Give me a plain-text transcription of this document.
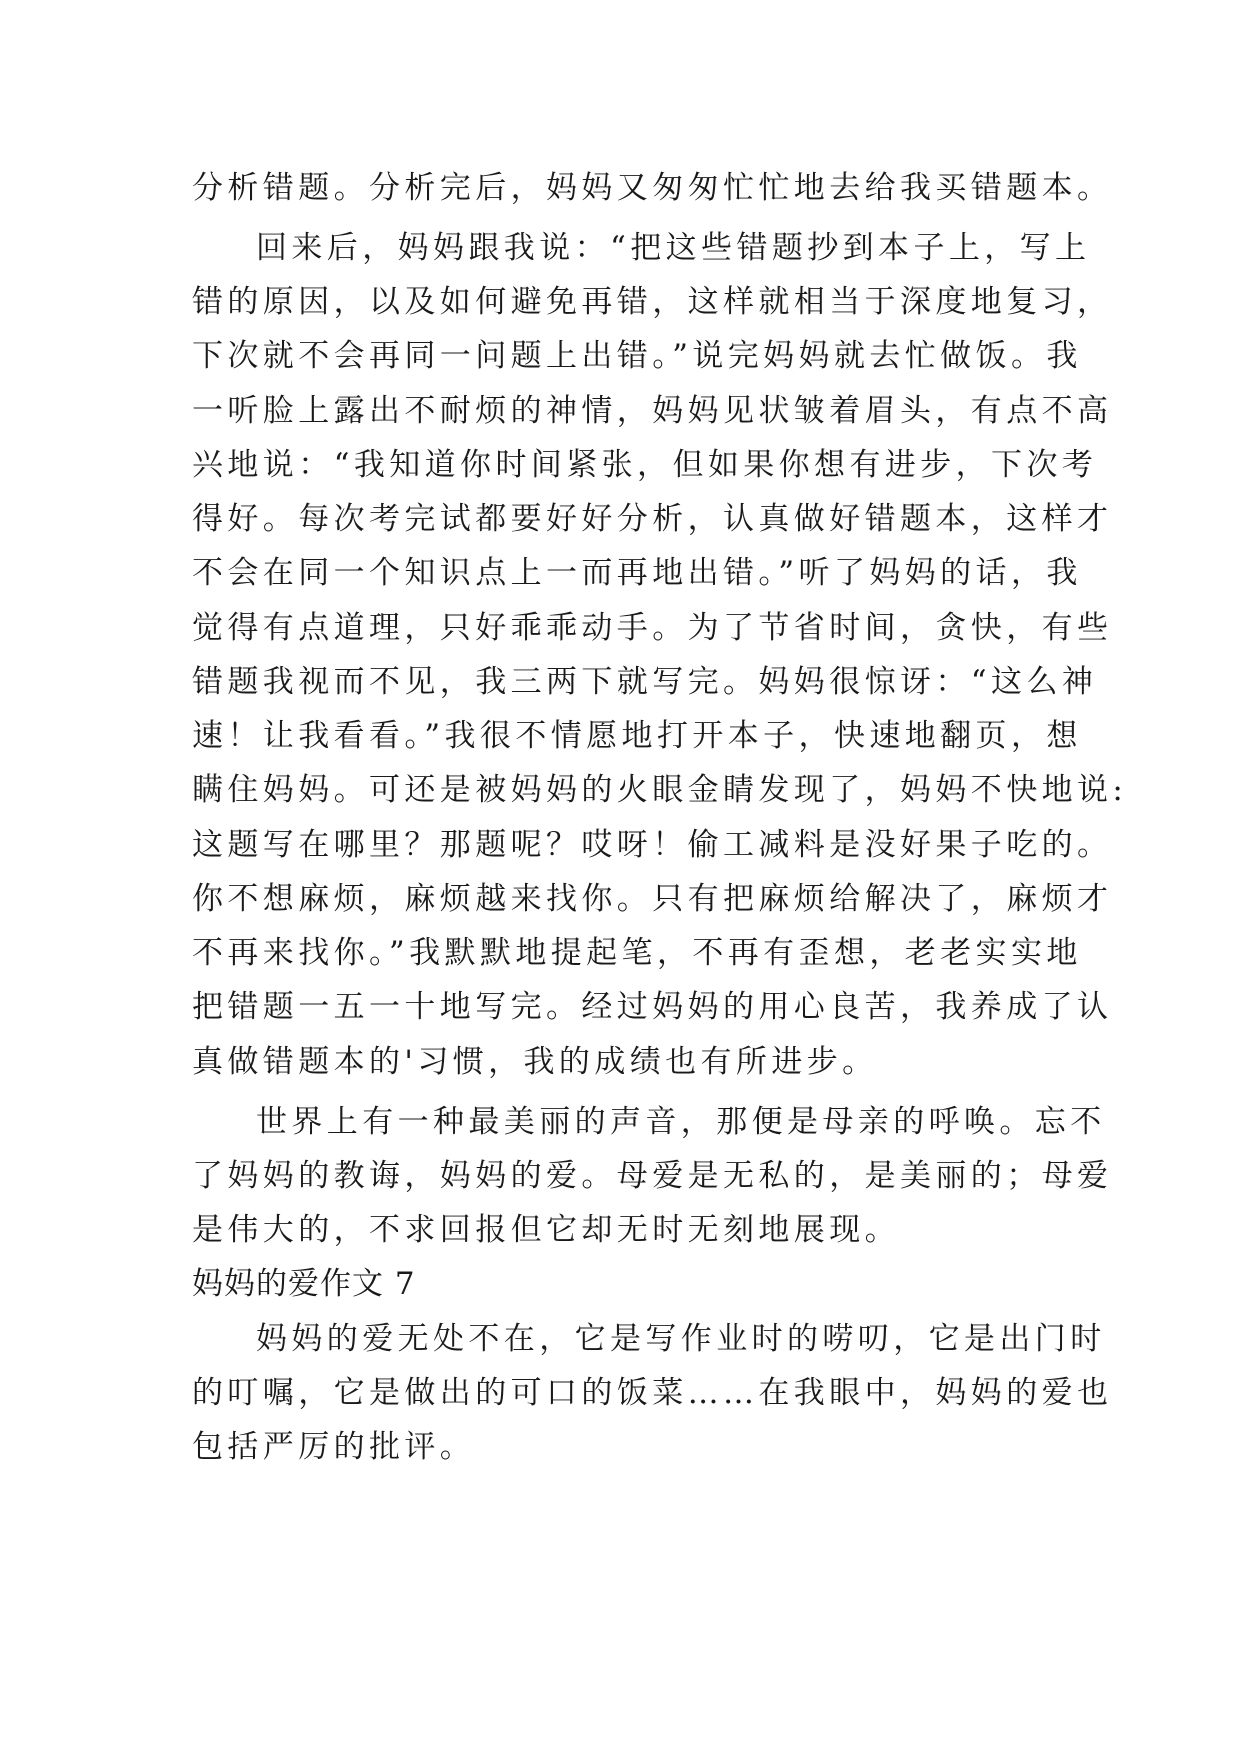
分析错题。分析完后，妈妈又匆匆忙忙地去给我买错题本。
回来后，妈妈跟我说：“把这些错题抄到本子上，写上
错的原因，以及如何避免再错，这样就相当于深度地复习，
下次就不会再同一问题上出错。”说完妈妈就去忙做饭。我
一听脸上露出不耐烦的神情，妈妈见状皱着眉头，有点不高
兴地说：“我知道你时间紧张，但如果你想有进步，下次考
得好。每次考完试都要好好分析，认真做好错题本，这样才
不会在同一个知识点上一而再地出错。”听了妈妈的话，我
觉得有点道理，只好乖乖动手。为了节省时间，贪快，有些
错题我视而不见，我三两下就写完。妈妈很惊讶：“这么神
速！让我看看。”我很不情愿地打开本子，快速地翻页，想
瞒住妈妈。可还是被妈妈的火眼金睛发现了，妈妈不快地说:
这题写在哪里？那题呢？哎呀！偷工减料是没好果子吃的。
你不想麻烦，麻烦越来找你。只有把麻烦给解决了，麻烦才
不再来找你。”我默默地提起笔，不再有歪想，老老实实地
把错题一五一十地写完。经过妈妈的用心良苦，我养成了认
真做错题本的'习惯，我的成绩也有所进步。
世界上有一种最美丽的声音，那便是母亲的呼唤。忘不
了妈妈的教诲，妈妈的爱。母爱是无私的，是美丽的；母爱
是伟大的，不求回报但它却无时无刻地展现。
妈妈的爱作文 7
妈妈的爱无处不在，它是写作业时的唠叨，它是出门时
的叮嘱，它是做出的可口的饭菜……在我眼中，妈妈的爱也
包括严厉的批评。
